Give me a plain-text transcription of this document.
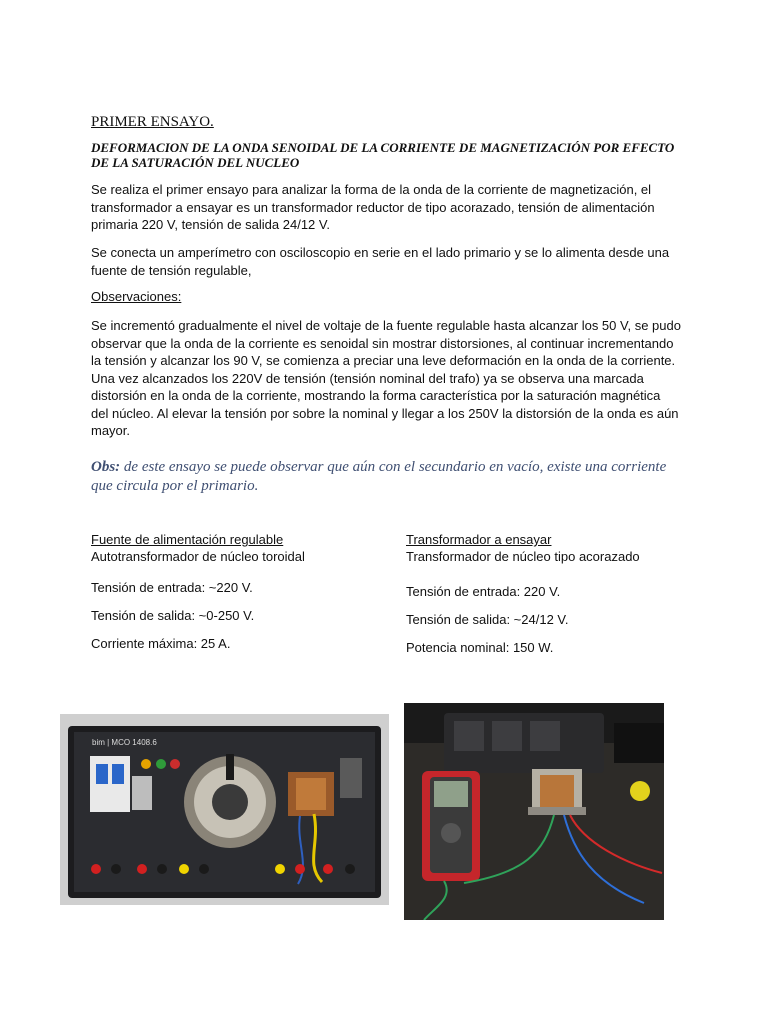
PRIMER ENSAYO.

DEFORMACION DE LA ONDA SENOIDAL DE LA CORRIENTE DE MAGNETIZACIÓN POR EFECTO DE LA SATURACIÓN DEL NUCLEO

Se realiza el primer ensayo para analizar la forma de la onda de la corriente de magnetización, el transformador a ensayar es un transformador reductor de tipo acorazado, tensión de alimentación primaria 220 V, tensión de salida 24/12 V.

Se conecta un amperímetro con osciloscopio en serie en el lado primario y se lo alimenta desde una fuente de tensión regulable,

Observaciones:

Se incrementó gradualmente el nivel de voltaje de la fuente regulable hasta alcanzar los 50 V, se pudo observar que la onda de la corriente es senoidal sin mostrar distorsiones, al continuar incrementando la tensión y alcanzar los 90 V, se comienza a preciar una leve deformación en la onda de la corriente.
Una vez alcanzados los 220V de tensión (tensión nominal del trafo) ya se observa una marcada distorsión en la onda de la corriente, mostrando la forma característica por la saturación magnética del núcleo. Al elevar la tensión por sobre la nominal y llegar a los 250V la distorsión de la onda es aún mayor.

Obs: de este ensayo se puede observar que aún con el secundario en vacío, existe una corriente que circula por el primario.

Fuente de alimentación regulable

Autotransformador de núcleo toroidal

Tensión de entrada: ~220 V.

Tensión de salida: ~0-250 V.

Corriente máxima: 25 A.

Transformador a ensayar

Transformador de núcleo tipo acorazado

Tensión de entrada: 220 V.

Tensión de salida: ~24/12 V.

Potencia nominal: 150 W.

bim | MCO 1408.6
